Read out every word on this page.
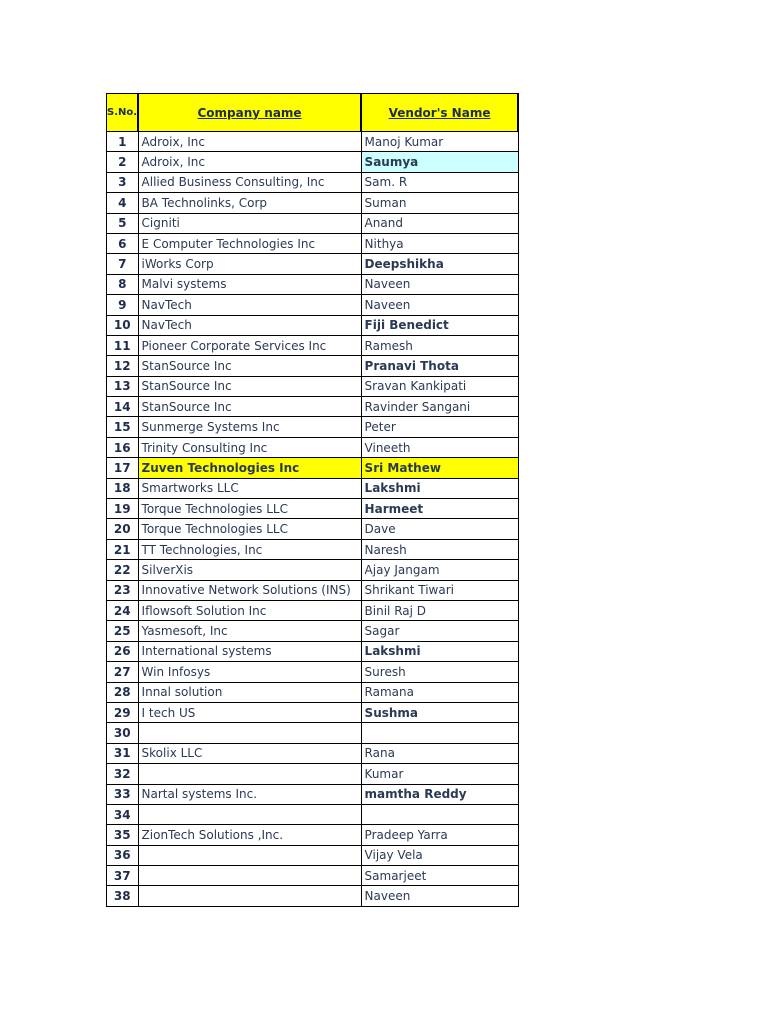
S.No.	Company name	Vendor's Name
1	Adroix, Inc	Manoj Kumar
2	Adroix, Inc	Saumya
3	Allied Business Consulting, Inc	Sam. R
4	BA Technolinks, Corp	Suman
5	Cigniti	Anand
6	E Computer Technologies Inc	Nithya
7	iWorks Corp	Deepshikha
8	Malvi systems	Naveen
9	NavTech	Naveen
10	NavTech	Fiji Benedict
11	Pioneer Corporate Services Inc	Ramesh
12	StanSource Inc	Pranavi Thota
13	StanSource Inc	Sravan Kankipati
14	StanSource Inc	Ravinder Sangani
15	Sunmerge Systems Inc	Peter
16	Trinity Consulting Inc	Vineeth
17	Zuven Technologies Inc	Sri Mathew
18	Smartworks LLC	Lakshmi
19	Torque Technologies LLC	Harmeet
20	Torque Technologies LLC	Dave
21	TT Technologies, Inc	Naresh
22	SilverXis	Ajay Jangam
23	Innovative Network Solutions (INS)	Shrikant Tiwari
24	Iflowsoft Solution Inc	Binil Raj D
25	Yasmesoft, Inc	Sagar
26	International systems	Lakshmi
27	Win Infosys	Suresh
28	Innal solution	Ramana
29	I tech US	Sushma
30		
31	Skolix LLC	Rana
32		Kumar
33	Nartal systems Inc.	mamtha Reddy
34		
35	ZionTech Solutions ,Inc.	Pradeep Yarra
36		Vijay Vela
37		Samarjeet
38		Naveen
